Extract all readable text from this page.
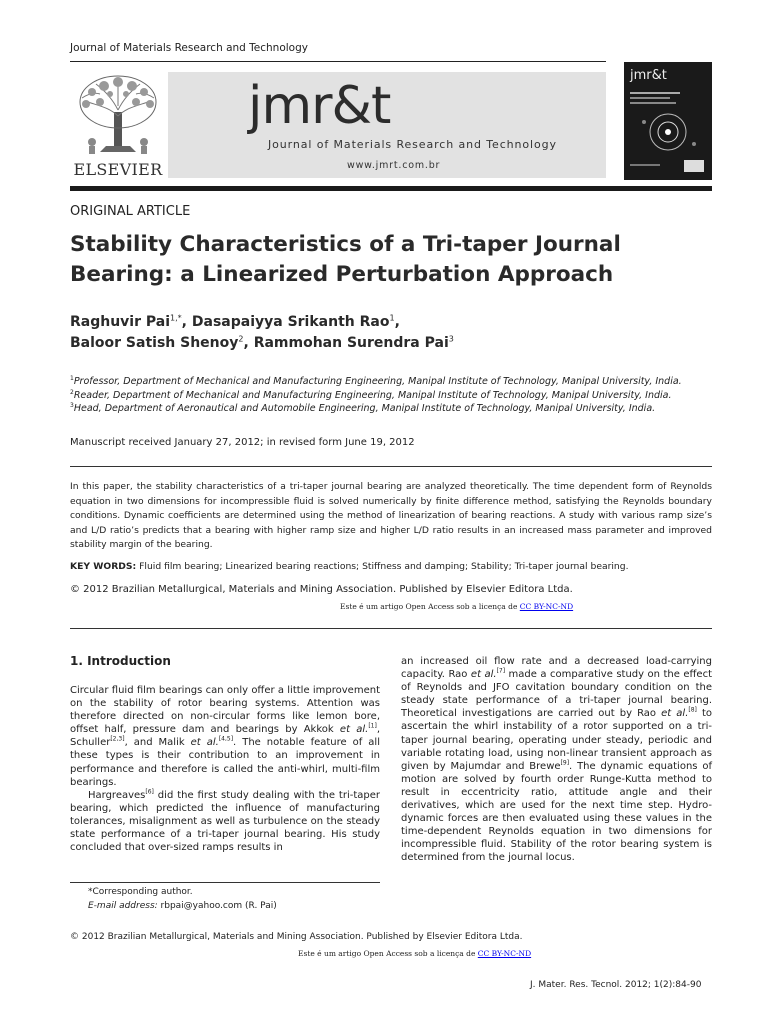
Journal of Materials Research and Technology
ELSEVIER
jmr&t
Journal of Materials Research and Technology
www.jmrt.com.br
jmr&t
ORIGINAL ARTICLE
Stability Characteristics of a Tri-taper Journal
Bearing: a Linearized Perturbation Approach
Raghuvir Pai$^{1,*}$, Dasapaiyya Srikanth Rao$^1$,
Baloor Satish Shenoy$^2$, Rammohan Surendra Pai$^3$
$^1$Professor, Department of Mechanical and Manufacturing Engineering, Manipal Institute of Technology, Manipal University, India.
$^2$Reader, Department of Mechanical and Manufacturing Engineering, Manipal Institute of Technology, Manipal University, India.
$^3$Head, Department of Aeronautical and Automobile Engineering, Manipal Institute of Technology, Manipal University, India.
Manuscript received January 27, 2012; in revised form June 19, 2012
In this paper, the stability characteristics of a tri-taper journal bearing are analyzed theoretically. The time dependent form of Reynolds equation in two dimensions for incompressible fluid is solved numerically by finite difference method, satisfying the Reynolds boundary conditions. Dynamic coefficients are determined using the method of linearization of bearing reactions. A study with various ramp size’s and L/D ratio’s predicts that a bearing with higher ramp size and higher L/D ratio results in an increased mass parameter and improved stability margin of the bearing.
KEY WORDS: Fluid film bearing; Linearized bearing reactions; Stiffness and damping; Stability; Tri-taper journal bearing.
© 2012 Brazilian Metallurgical, Materials and Mining Association. Published by Elsevier Editora Ltda.
Este é um artigo Open Access sob a licença de CC BY-NC-ND
1. Introduction

Circular fluid film bearings can only offer a little improvement on the stability of rotor bearing systems. Attention was therefore directed on non-circular forms like lemon bore, offset half, pressure dam and bearings by Akkok et al.[1], Schuller[2,3], and Malik et al.[4,5]. The notable feature of all these types is their contribution to an improvement in performance and therefore is called the anti-whirl, multi-film bearings.

Hargreaves[6] did the first study dealing with the tri-taper bearing, which predicted the influence of manufacturing tolerances, misalignment as well as turbulence on the steady state performance of a tri-taper journal bearing. His study concluded that over-sized ramps results in

an increased oil flow rate and a decreased load-carrying capacity. Rao et al.[7] made a comparative study on the effect of Reynolds and JFO cavitation boundary condition on the steady state performance of a tri-taper journal bearing. Theoretical investigations are carried out by Rao et al.[8] to ascertain the whirl instability of a rotor supported on a tri-taper journal bearing, operating under steady, periodic and variable rotating load, using non-linear transient approach as given by Majumdar and Brewe[9]. The dynamic equations of motion are solved by fourth order Runge-Kutta method to result in eccentricity ratio, attitude angle and their derivatives, which are used for the next time step. Hydro-dynamic forces are then evaluated using these values in the time-dependent Reynolds equation in two dimensions for incompressible fluid. Stability of the rotor bearing system is determined from the journal locus.

*Corresponding author.
E-mail address: rbpai@yahoo.com (R. Pai)
© 2012 Brazilian Metallurgical, Materials and Mining Association. Published by Elsevier Editora Ltda.
Este é um artigo Open Access sob a licença de CC BY-NC-ND
J. Mater. Res. Tecnol. 2012; 1(2):84-90
